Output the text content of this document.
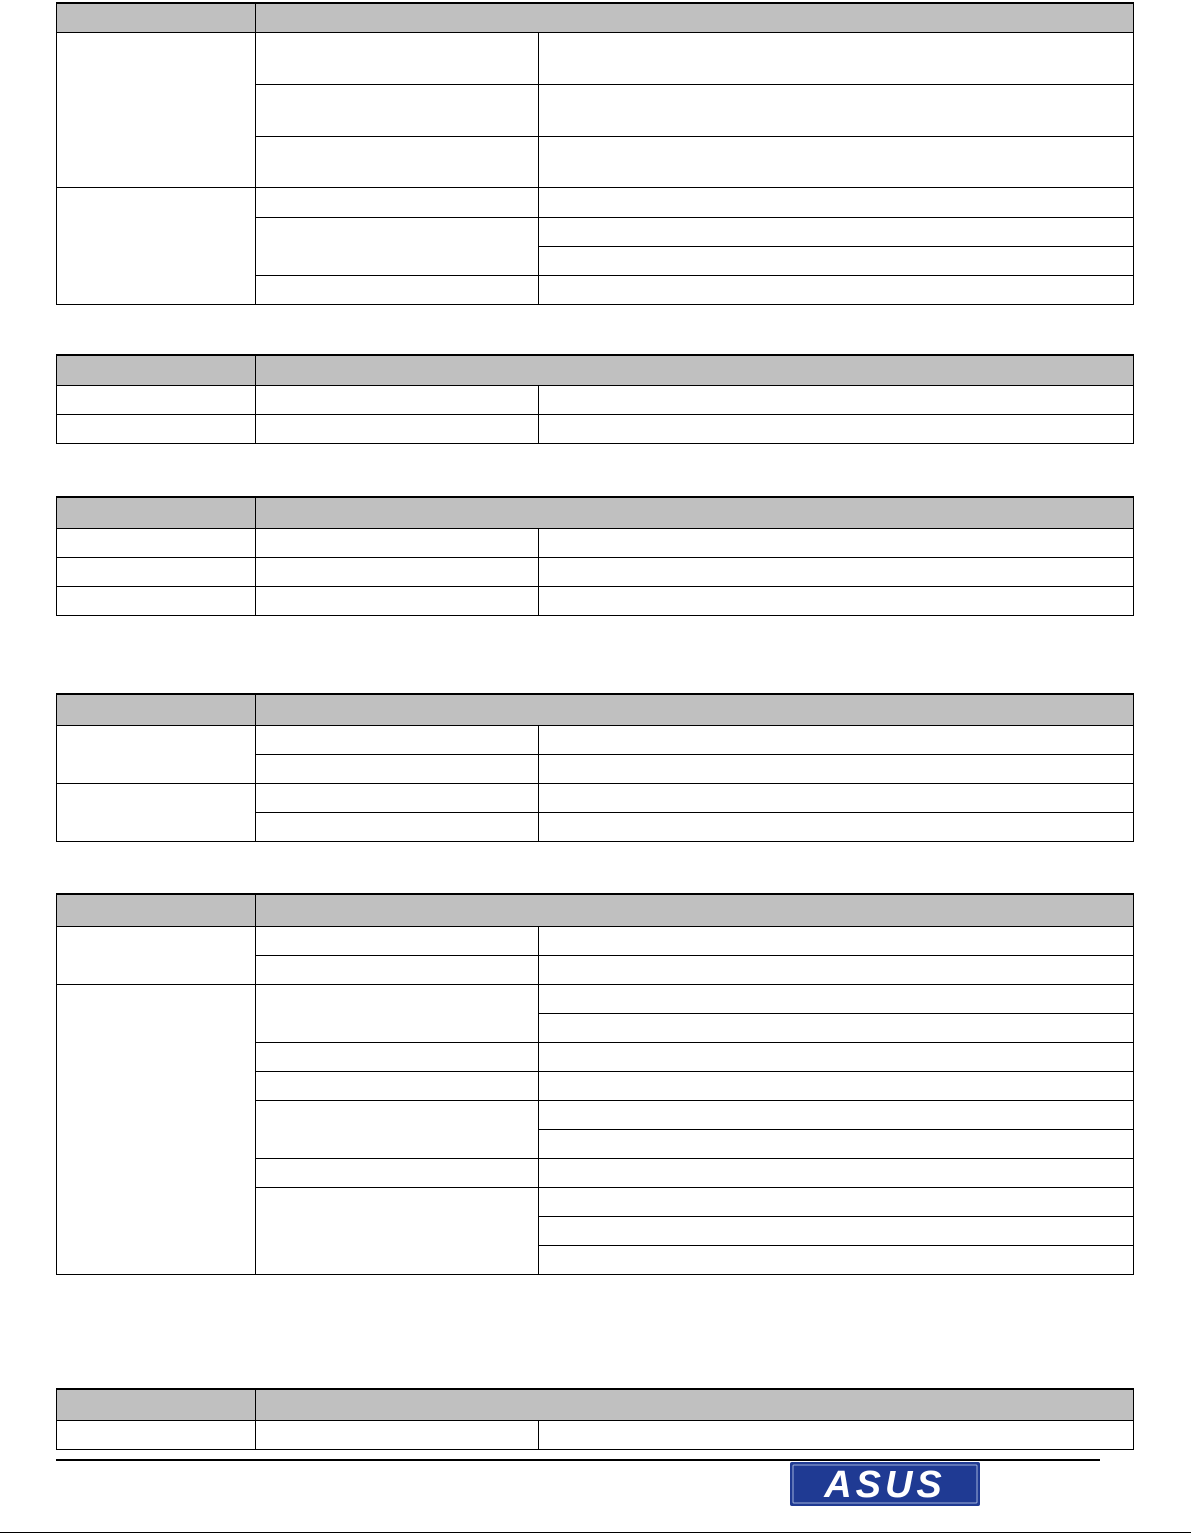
ASUS
